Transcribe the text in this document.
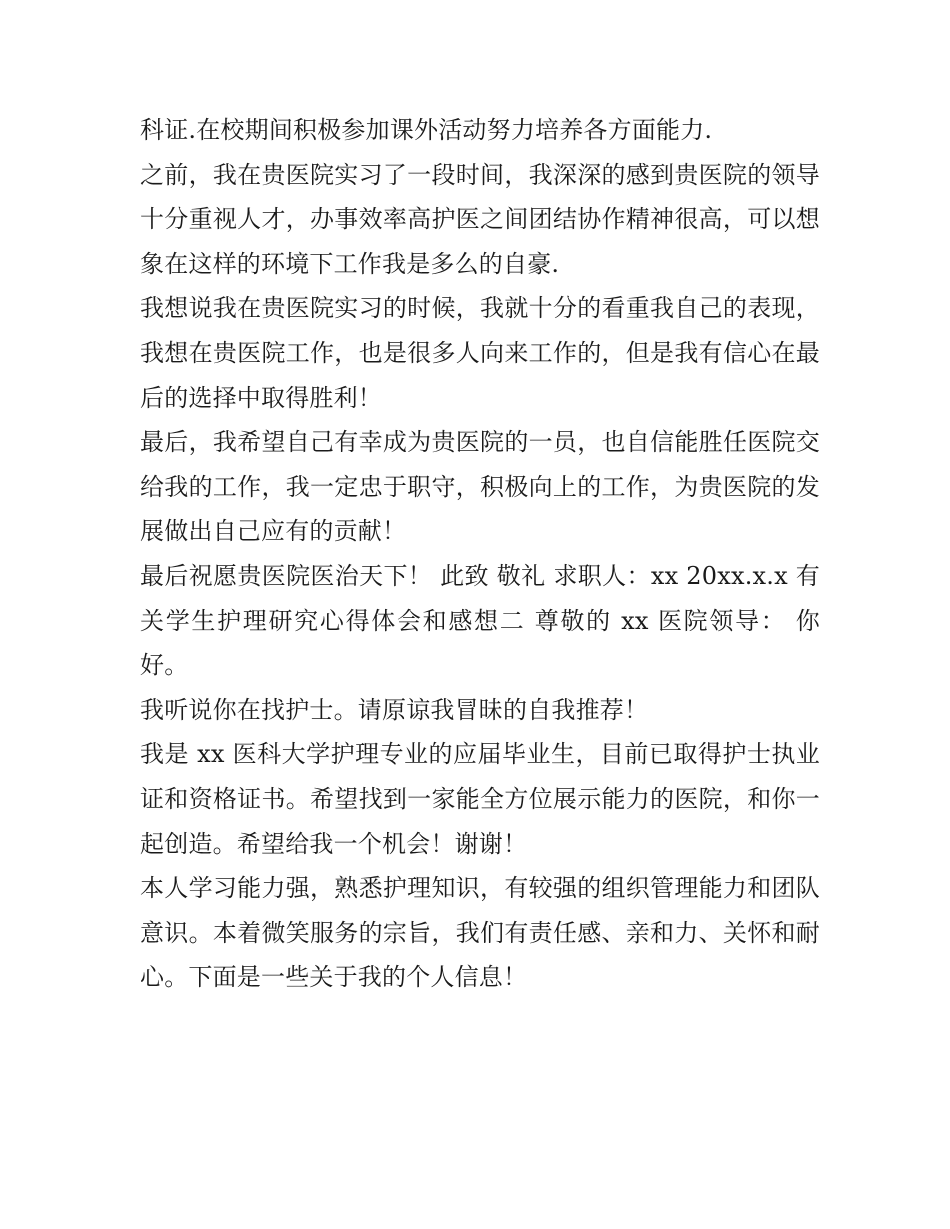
科证.在校期间积极参加课外活动努力培养各方面能力.

之前，我在贵医院实习了一段时间，我深深的感到贵医院的领导十分重视人才，办事效率高护医之间团结协作精神很高，可以想象在这样的环境下工作我是多么的自豪.

我想说我在贵医院实习的时候，我就十分的看重我自己的表现，我想在贵医院工作，也是很多人向来工作的，但是我有信心在最后的选择中取得胜利！

最后，我希望自己有幸成为贵医院的一员，也自信能胜任医院交给我的工作，我一定忠于职守，积极向上的工作，为贵医院的发展做出自己应有的贡献！

最后祝愿贵医院医治天下！ 此致 敬礼 求职人：xx 20xx.x.x 有关学生护理研究心得体会和感想二 尊敬的 xx 医院领导： 你好。

我听说你在找护士。请原谅我冒昧的自我推荐！

我是 xx 医科大学护理专业的应届毕业生，目前已取得护士执业证和资格证书。希望找到一家能全方位展示能力的医院，和你一起创造。希望给我一个机会！谢谢！

本人学习能力强，熟悉护理知识，有较强的组织管理能力和团队意识。本着微笑服务的宗旨，我们有责任感、亲和力、关怀和耐心。下面是一些关于我的个人信息！
